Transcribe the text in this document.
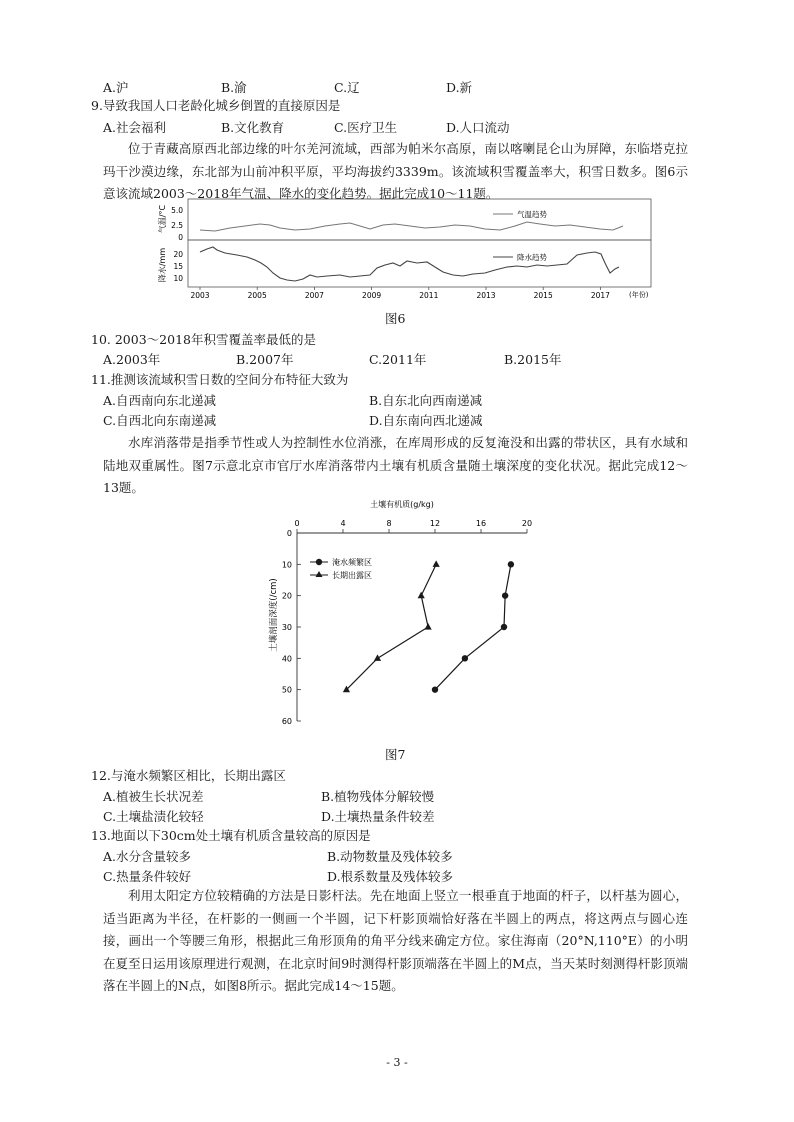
A.沪	B.渝	C.辽	D.新
9.导致我国人口老龄化城乡倒置的直接原因是
A.社会福利	B.文化教育	C.医疗卫生	D.人口流动
位于青藏高原西北部边缘的叶尔羌河流域，西部为帕米尔高原，南以喀喇昆仑山为屏障，东临塔克拉玛干沙漠边缘，东北部为山前冲积平原，平均海拔约3339m。该流域积雪覆盖率大，积雪日数多。图6示意该流域2003～2018年气温、降水的变化趋势。据此完成10～11题。
气温/°C
降水/mm
5.0
2.5
0
20
15
10
气温趋势
降水趋势
2003	2005	2007	2009	2011	2013	2015	2017	(年份)
图6
10. 2003～2018年积雪覆盖率最低的是
A.2003年	B.2007年	C.2011年	B.2015年
11.推测该流域积雪日数的空间分布特征大致为
A.自西南向东北递减	B.自东北向西南递减
C.自西北向东南递减	D.自东南向西北递减
水库消落带是指季节性或人为控制性水位消涨，在库周形成的反复淹没和出露的带状区，具有水域和陆地双重属性。图7示意北京市官厅水库消落带内土壤有机质含量随土壤深度的变化状况。据此完成12～13题。
土壤有机质(g/kg)
0	4	8	12	16	20
0
10
20
30
40
50
60
土壤剖面深度(/cm)
淹水频繁区
长期出露区
图7
12.与淹水频繁区相比，长期出露区
A.植被生长状况差	B.植物残体分解较慢
C.土壤盐渍化较轻	D.土壤热量条件较差
13.地面以下30cm处土壤有机质含量较高的原因是
A.水分含量较多	B.动物数量及残体较多
C.热量条件较好	D.根系数量及残体较多
利用太阳定方位较精确的方法是日影杆法。先在地面上竖立一根垂直于地面的杆子，以杆基为圆心，适当距离为半径，在杆影的一侧画一个半圆，记下杆影顶端恰好落在半圆上的两点，将这两点与圆心连接，画出一个等腰三角形，根据此三角形顶角的角平分线来确定方位。家住海南（20°N,110°E）的小明在夏至日运用该原理进行观测，在北京时间9时测得杆影顶端落在半圆上的M点，当天某时刻测得杆影顶端落在半圆上的N点，如图8所示。据此完成14～15题。
- 3 -
